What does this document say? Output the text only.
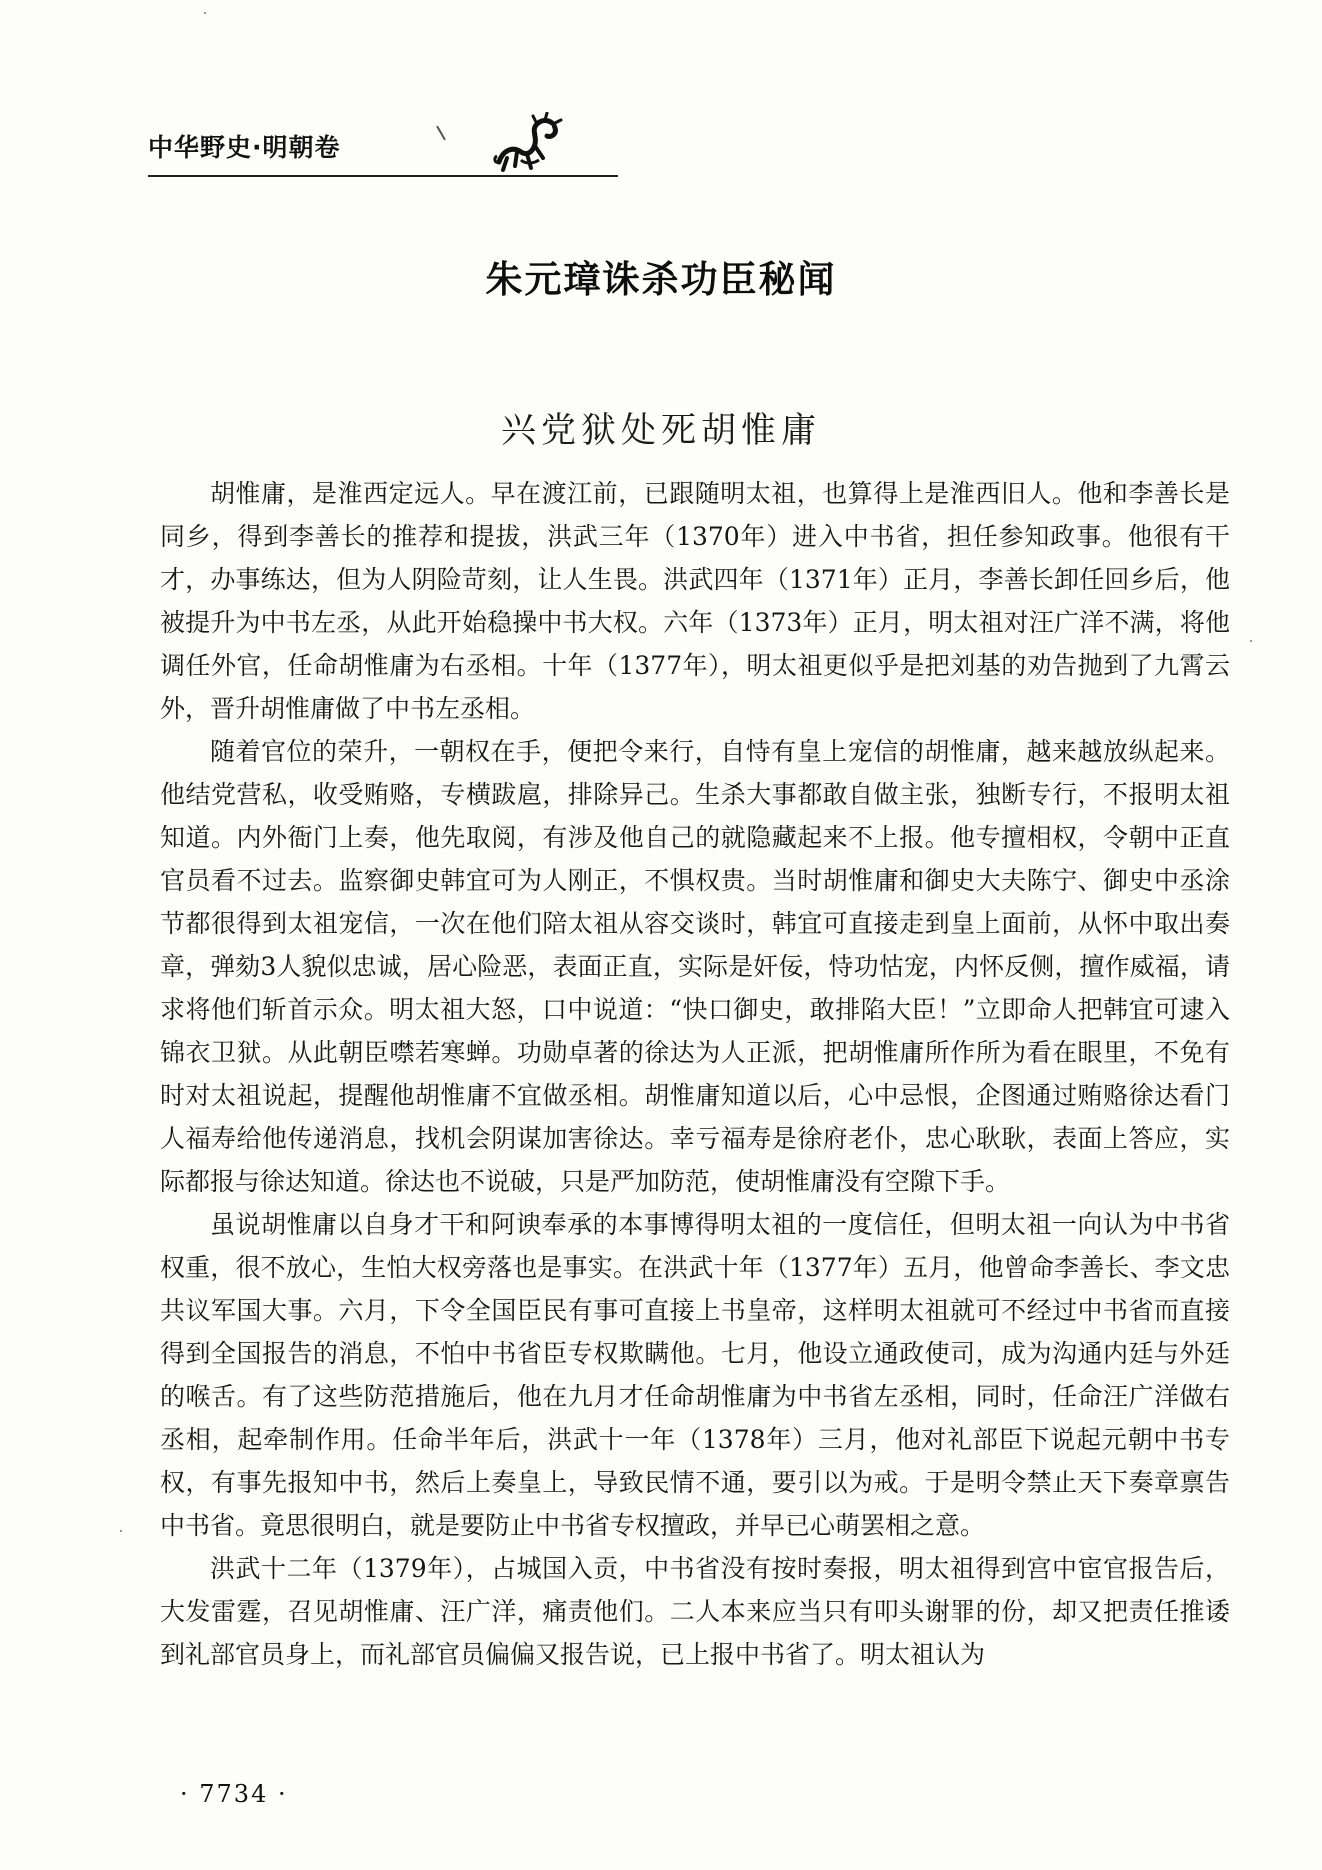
中华野史·明朝卷
朱元璋诛杀功臣秘闻
兴党狱处死胡惟庸

胡惟庸，是淮西定远人。早在渡江前，已跟随明太祖，也算得上是淮西旧人。他和李善长是同乡，得到李善长的推荐和提拔，洪武三年（1370年）进入中书省，担任参知政事。他很有干才，办事练达，但为人阴险苛刻，让人生畏。洪武四年（1371年）正月，李善长卸任回乡后，他被提升为中书左丞，从此开始稳操中书大权。六年（1373年）正月，明太祖对汪广洋不满，将他调任外官，任命胡惟庸为右丞相。十年（1377年），明太祖更似乎是把刘基的劝告抛到了九霄云外，晋升胡惟庸做了中书左丞相。

随着官位的荣升，一朝权在手，便把令来行，自恃有皇上宠信的胡惟庸，越来越放纵起来。他结党营私，收受贿赂，专横跋扈，排除异己。生杀大事都敢自做主张，独断专行，不报明太祖知道。内外衙门上奏，他先取阅，有涉及他自己的就隐藏起来不上报。他专擅相权，令朝中正直官员看不过去。监察御史韩宜可为人刚正，不惧权贵。当时胡惟庸和御史大夫陈宁、御史中丞涂节都很得到太祖宠信，一次在他们陪太祖从容交谈时，韩宜可直接走到皇上面前，从怀中取出奏章，弹劾3人貌似忠诚，居心险恶，表面正直，实际是奸佞，恃功怙宠，内怀反侧，擅作威福，请求将他们斩首示众。明太祖大怒，口中说道：“快口御史，敢排陷大臣！”立即命人把韩宜可逮入锦衣卫狱。从此朝臣噤若寒蝉。功勋卓著的徐达为人正派，把胡惟庸所作所为看在眼里，不免有时对太祖说起，提醒他胡惟庸不宜做丞相。胡惟庸知道以后，心中忌恨，企图通过贿赂徐达看门人福寿给他传递消息，找机会阴谋加害徐达。幸亏福寿是徐府老仆，忠心耿耿，表面上答应，实际都报与徐达知道。徐达也不说破，只是严加防范，使胡惟庸没有空隙下手。

虽说胡惟庸以自身才干和阿谀奉承的本事博得明太祖的一度信任，但明太祖一向认为中书省权重，很不放心，生怕大权旁落也是事实。在洪武十年（1377年）五月，他曾命李善长、李文忠共议军国大事。六月，下令全国臣民有事可直接上书皇帝，这样明太祖就可不经过中书省而直接得到全国报告的消息，不怕中书省臣专权欺瞒他。七月，他设立通政使司，成为沟通内廷与外廷的喉舌。有了这些防范措施后，他在九月才任命胡惟庸为中书省左丞相，同时，任命汪广洋做右丞相，起牵制作用。任命半年后，洪武十一年（1378年）三月，他对礼部臣下说起元朝中书专权，有事先报知中书，然后上奏皇上，导致民情不通，要引以为戒。于是明令禁止天下奏章禀告中书省。竟思很明白，就是要防止中书省专权擅政，并早已心萌罢相之意。

洪武十二年（1379年），占城国入贡，中书省没有按时奏报，明太祖得到宫中宦官报告后，大发雷霆，召见胡惟庸、汪广洋，痛责他们。二人本来应当只有叩头谢罪的份，却又把责任推诿到礼部官员身上，而礼部官员偏偏又报告说，已上报中书省了。明太祖认为

· 7734 ·
